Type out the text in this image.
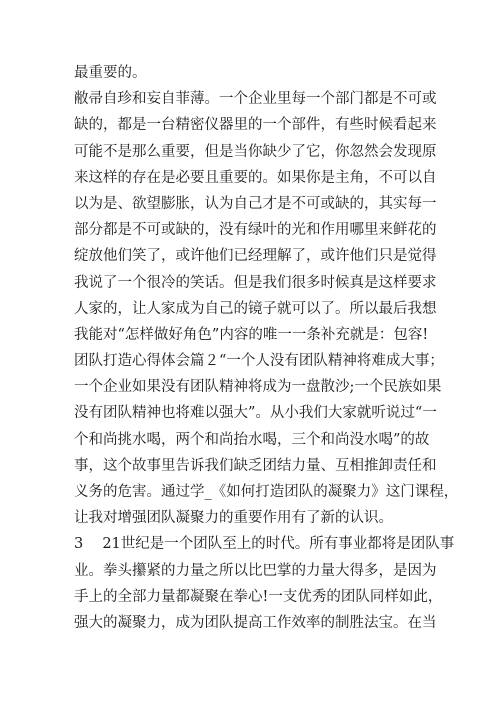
最重要的。
敝帚自珍和妄自菲薄。一个企业里每一个部门都是不可或
缺的，都是一台精密仪器里的一个部件，有些时候看起来
可能不是那么重要，但是当你缺少了它，你忽然会发现原
来这样的存在是必要且重要的。如果你是主角，不可以自
以为是、欲望膨胀，认为自己才是不可或缺的，其实每一
部分都是不可或缺的，没有绿叶的光和作用哪里来鲜花的
绽放他们笑了，或许他们已经理解了，或许他们只是觉得
我说了一个很冷的笑话。但是我们很多时候真是这样要求
人家的，让人家成为自己的镜子就可以了。所以最后我想
我能对“怎样做好角色”内容的唯一一条补充就是：包容!
团队打造心得体会篇２“一个人没有团队精神将难成大事；
一个企业如果没有团队精神将成为一盘散沙;一个民族如果
没有团队精神也将难以强大”。从小我们大家就听说过“一
个和尚挑水喝，两个和尚抬水喝，三个和尚没水喝”的故
事，这个故事里告诉我们缺乏团结力量、互相推卸责任和
义务的危害。通过学_《如何打造团队的凝聚力》这门课程，
让我对增强团队凝聚力的重要作用有了新的认识。
3　 21世纪是一个团队至上的时代。所有事业都将是团队事
业。拳头攥紧的力量之所以比巴掌的力量大得多，是因为
手上的全部力量都凝聚在拳心!一支优秀的团队同样如此，
强大的凝聚力，成为团队提高工作效率的制胜法宝。在当
